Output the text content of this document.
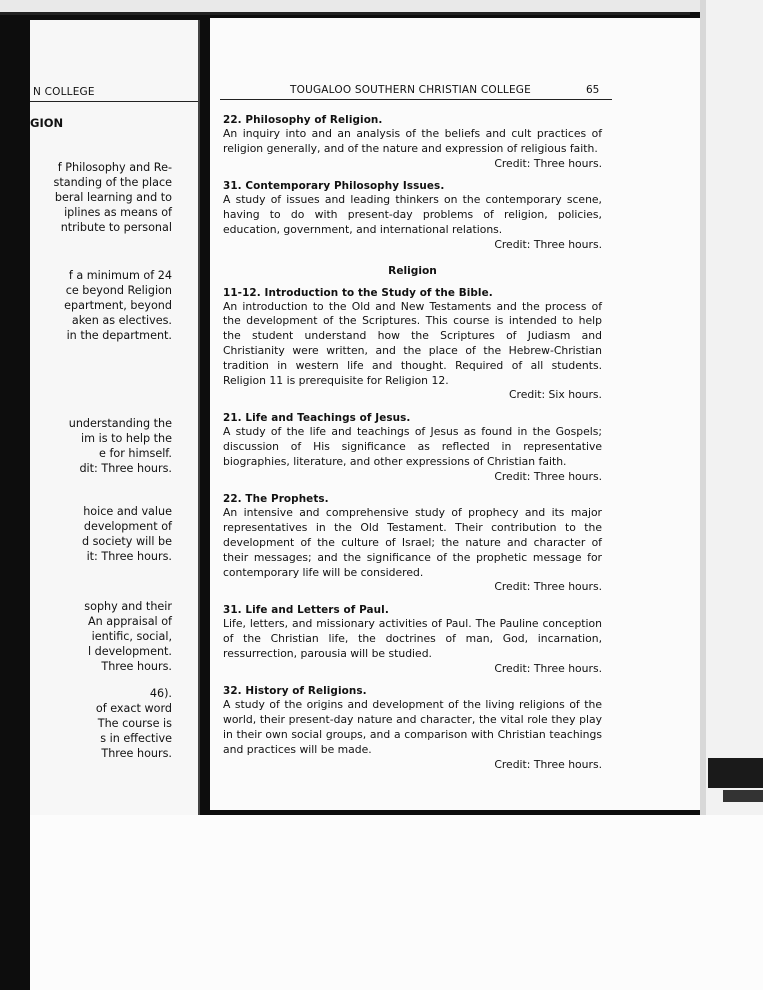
N COLLEGE
GION
f Philosophy and Re-
standing of the place
beral learning and to
iplines as means of
ntribute to personal
f a minimum of 24
ce beyond Religion
epartment, beyond
aken as electives.
in the department.
understanding the
im is to help the
e for himself.
dit: Three hours.
hoice and value
development of
d society will be
it: Three hours.
sophy and their
An appraisal of
ientific, social,
l development.
Three hours.
46).
of exact word
The course is
s in effective
Three hours.
TOUGALOO SOUTHERN CHRISTIAN COLLEGE	65
22. Philosophy of Religion.
An inquiry into and an analysis of the beliefs and cult practices of religion generally, and of the nature and expression of religious faith.
Credit: Three hours.
31. Contemporary Philosophy Issues.
A study of issues and leading thinkers on the contemporary scene, having to do with present-day problems of religion, policies, education, government, and international relations.
Credit: Three hours.
Religion
11-12. Introduction to the Study of the Bible.
An introduction to the Old and New Testaments and the process of the development of the Scriptures. This course is intended to help the student understand how the Scriptures of Judiasm and Christianity were written, and the place of the Hebrew-Christian tradition in western life and thought. Required of all students. Religion 11 is prerequisite for Religion 12.
Credit: Six hours.
21. Life and Teachings of Jesus.
A study of the life and teachings of Jesus as found in the Gospels; discussion of His significance as reflected in representative biographies, literature, and other expressions of Christian faith.
Credit: Three hours.
22. The Prophets.
An intensive and comprehensive study of prophecy and its major representatives in the Old Testament. Their contribution to the development of the culture of Israel; the nature and character of their messages; and the significance of the prophetic message for contemporary life will be considered.
Credit: Three hours.
31. Life and Letters of Paul.
Life, letters, and missionary activities of Paul. The Pauline conception of the Christian life, the doctrines of man, God, incarnation, ressurrection, parousia will be studied.
Credit: Three hours.
32. History of Religions.
A study of the origins and development of the living religions of the world, their present-day nature and character, the vital role they play in their own social groups, and a comparison with Christian teachings and practices will be made.
Credit: Three hours.
